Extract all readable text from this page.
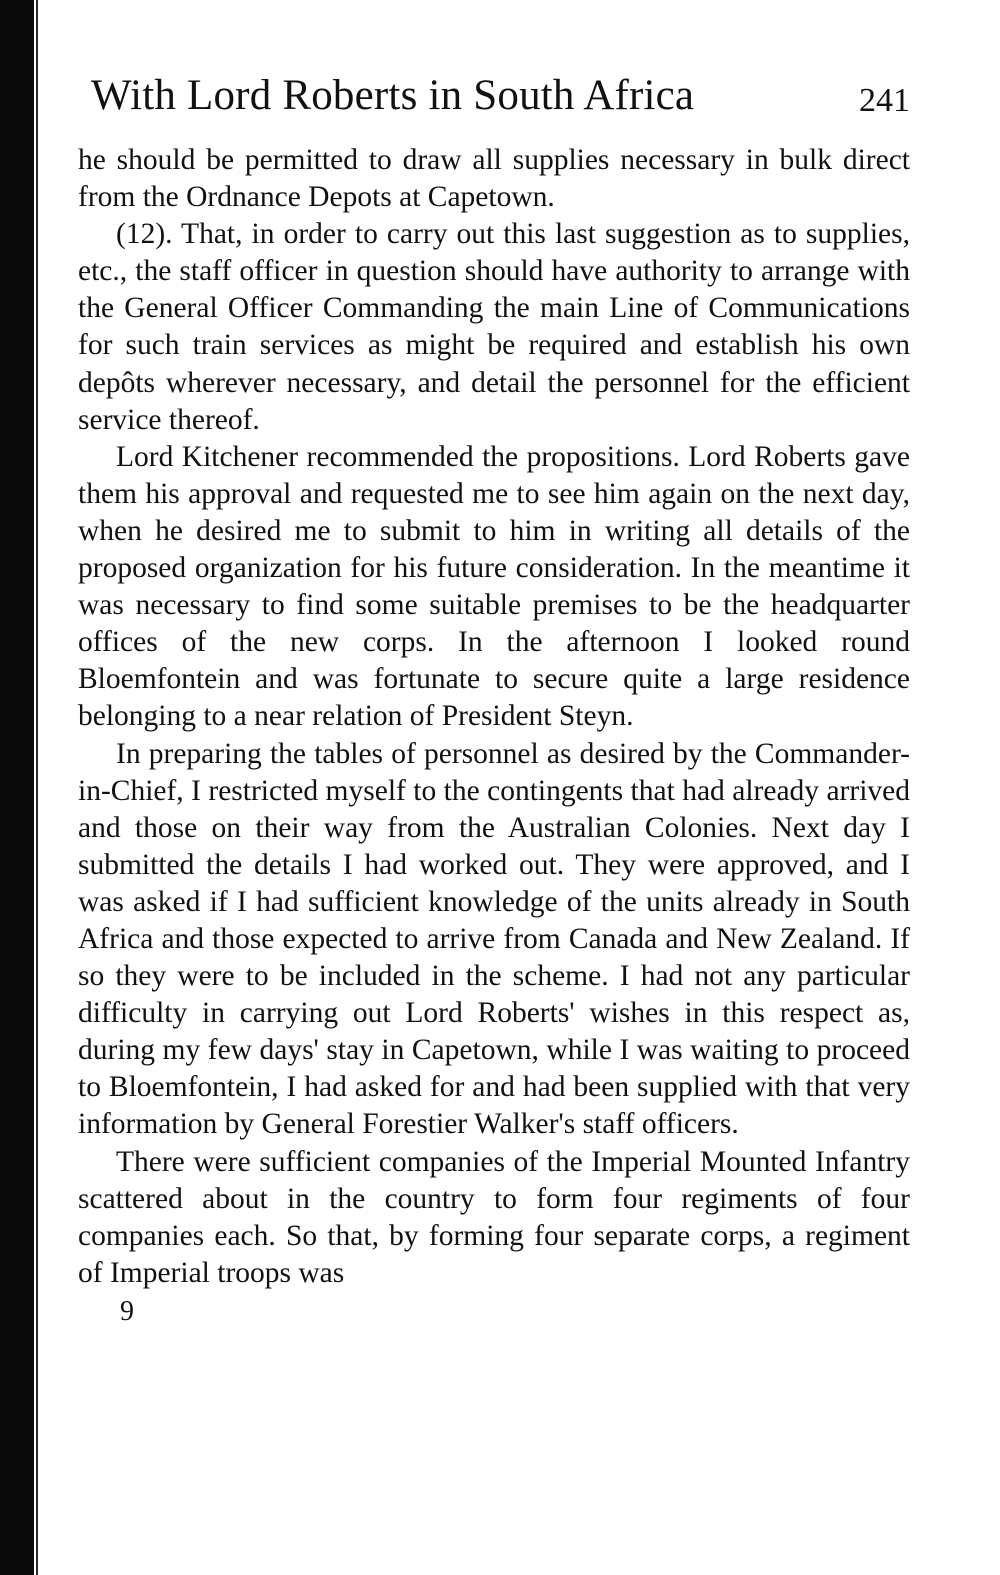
With Lord Roberts in South Africa	241

he should be permitted to draw all supplies necessary in bulk direct from the Ordnance Depots at Capetown.

(12). That, in order to carry out this last suggestion as to supplies, etc., the staff officer in question should have authority to arrange with the General Officer Commanding the main Line of Communications for such train services as might be required and establish his own depôts wherever necessary, and detail the personnel for the efficient service thereof.

Lord Kitchener recommended the propositions. Lord Roberts gave them his approval and requested me to see him again on the next day, when he desired me to submit to him in writing all details of the proposed organization for his future consideration. In the meantime it was necessary to find some suitable premises to be the headquarter offices of the new corps. In the afternoon I looked round Bloemfontein and was fortunate to secure quite a large residence belonging to a near relation of President Steyn.

In preparing the tables of personnel as desired by the Commander-in-Chief, I restricted myself to the contingents that had already arrived and those on their way from the Australian Colonies. Next day I submitted the details I had worked out. They were approved, and I was asked if I had sufficient knowledge of the units already in South Africa and those expected to arrive from Canada and New Zealand. If so they were to be included in the scheme. I had not any particular difficulty in carrying out Lord Roberts' wishes in this respect as, during my few days' stay in Capetown, while I was waiting to proceed to Bloemfontein, I had asked for and had been supplied with that very information by General Forestier Walker's staff officers.

There were sufficient companies of the Imperial Mounted Infantry scattered about in the country to form four regiments of four companies each. So that, by forming four separate corps, a regiment of Imperial troops was

9
